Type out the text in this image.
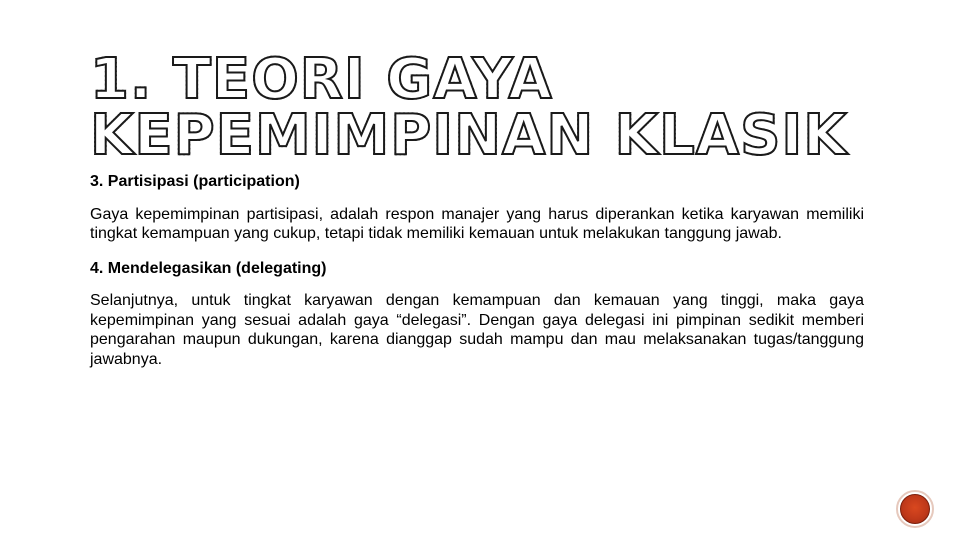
1. TEORI GAYA
KEPEMIMPINAN KLASIK

3. Partisipasi (participation)

Gaya kepemimpinan partisipasi, adalah respon manajer yang harus diperankan ketika karyawan memiliki tingkat kemampuan yang cukup, tetapi tidak memiliki kemauan untuk melakukan tanggung jawab.

4. Mendelegasikan (delegating)

Selanjutnya, untuk tingkat karyawan dengan kemampuan dan kemauan yang tinggi, maka gaya kepemimpinan yang sesuai adalah gaya “delegasi”. Dengan gaya delegasi ini pimpinan sedikit memberi pengarahan maupun dukungan, karena dianggap sudah mampu dan mau melaksanakan tugas/tanggung jawabnya.
